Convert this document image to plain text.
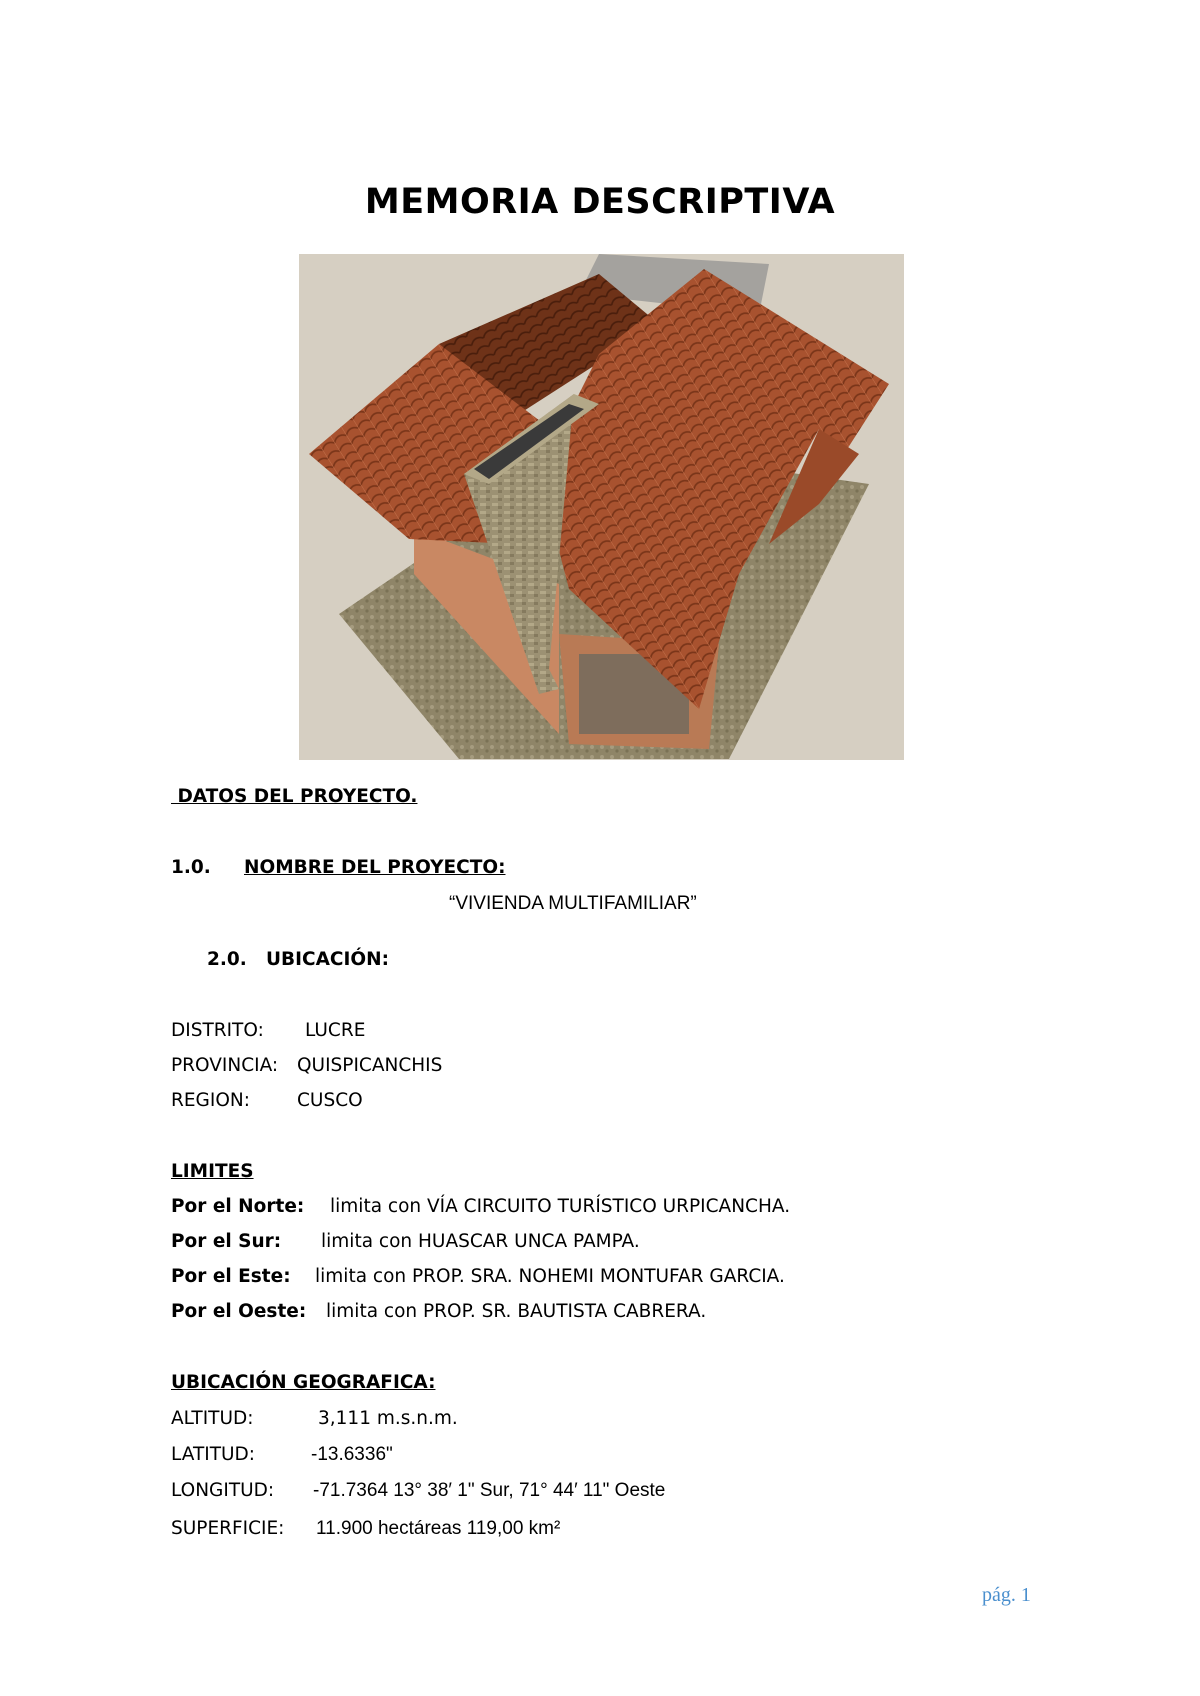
MEMORIA DESCRIPTIVA
DATOS DEL PROYECTO.
1.0. NOMBRE DEL PROYECTO:
“VIVIENDA MULTIFAMILIAR”
2.0. UBICACIÓN:
DISTRITO: LUCRE
PROVINCIA: QUISPICANCHIS
REGION:	CUSCO
LIMITES
Por el Norte: limita con VÍA CIRCUITO TURÍSTICO URPICANCHA.
Por el Sur: limita con HUASCAR UNCA PAMPA.
Por el Este: limita con PROP. SRA. NOHEMI MONTUFAR GARCIA.
Por el Oeste: limita con PROP. SR. BAUTISTA CABRERA.
UBICACIÓN GEOGRAFICA:
ALTITUD:	3,111 m.s.n.m.
LATITUD:	-13.6336"
LONGITUD: -71.7364 13° 38′ 1" Sur, 71° 44′ 11" Oeste
SUPERFICIE: 11.900 hectáreas 119,00 km²
pág. 1
